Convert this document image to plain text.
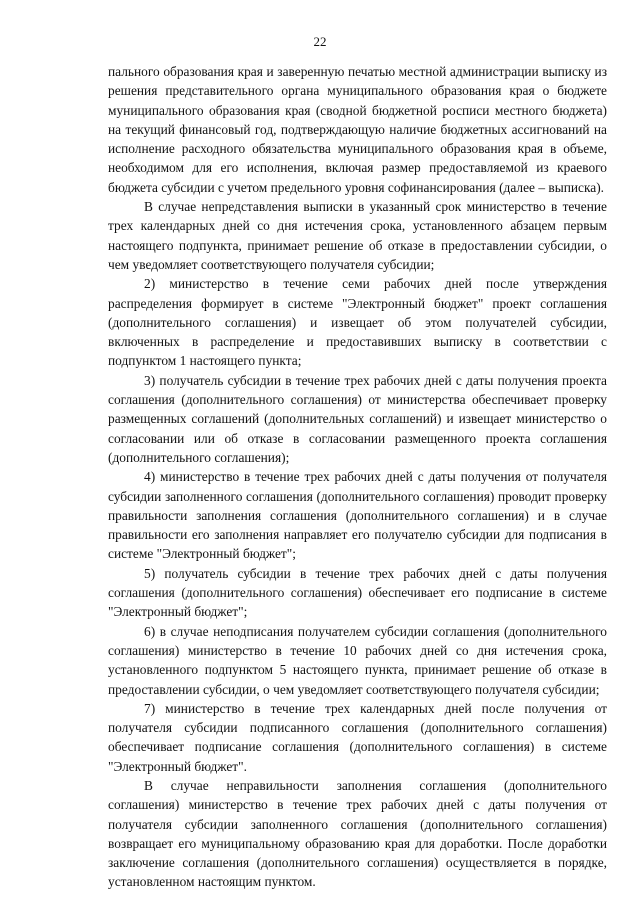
22

пального образования края и заверенную печатью местной администрации выписку из решения представительного органа муниципального образования края о бюджете муниципального образования края (сводной бюджетной росписи местного бюджета) на текущий финансовый год, подтверждающую наличие бюджетных ассигнований на исполнение расходного обязательства муниципального образования края в объеме, необходимом для его исполнения, включая размер предоставляемой из краевого бюджета субсидии с учетом предельного уровня софинансирования (далее – выписка).

В случае непредставления выписки в указанный срок министерство в течение трех календарных дней со дня истечения срока, установленного абзацем первым настоящего подпункта, принимает решение об отказе в предоставлении субсидии, о чем уведомляет соответствующего получателя субсидии;

2) министерство в течение семи рабочих дней после утверждения распределения формирует в системе "Электронный бюджет" проект соглашения (дополнительного соглашения) и извещает об этом получателей субсидии, включенных в распределение и предоставивших выписку в соответствии с подпунктом 1 настоящего пункта;

3) получатель субсидии в течение трех рабочих дней с даты получения проекта соглашения (дополнительного соглашения) от министерства обеспечивает проверку размещенных соглашений (дополнительных соглашений) и извещает министерство о согласовании или об отказе в согласовании размещенного проекта соглашения (дополнительного соглашения);

4) министерство в течение трех рабочих дней с даты получения от получателя субсидии заполненного соглашения (дополнительного соглашения) проводит проверку правильности заполнения соглашения (дополнительного соглашения) и в случае правильности его заполнения направляет его получателю субсидии для подписания в системе "Электронный бюджет";

5) получатель субсидии в течение трех рабочих дней с даты получения соглашения (дополнительного соглашения) обеспечивает его подписание в системе "Электронный бюджет";

6) в случае неподписания получателем субсидии соглашения (дополнительного соглашения) министерство в течение 10 рабочих дней со дня истечения срока, установленного подпунктом 5 настоящего пункта, принимает решение об отказе в предоставлении субсидии, о чем уведомляет соответствующего получателя субсидии;

7) министерство в течение трех календарных дней после получения от получателя субсидии подписанного соглашения (дополнительного соглашения) обеспечивает подписание соглашения (дополнительного соглашения) в системе "Электронный бюджет".

В случае неправильности заполнения соглашения (дополнительного соглашения) министерство в течение трех рабочих дней с даты получения от получателя субсидии заполненного соглашения (дополнительного соглашения) возвращает его муниципальному образованию края для доработки. После доработки заключение соглашения (дополнительного соглашения) осуществляется в порядке, установленном настоящим пунктом.
